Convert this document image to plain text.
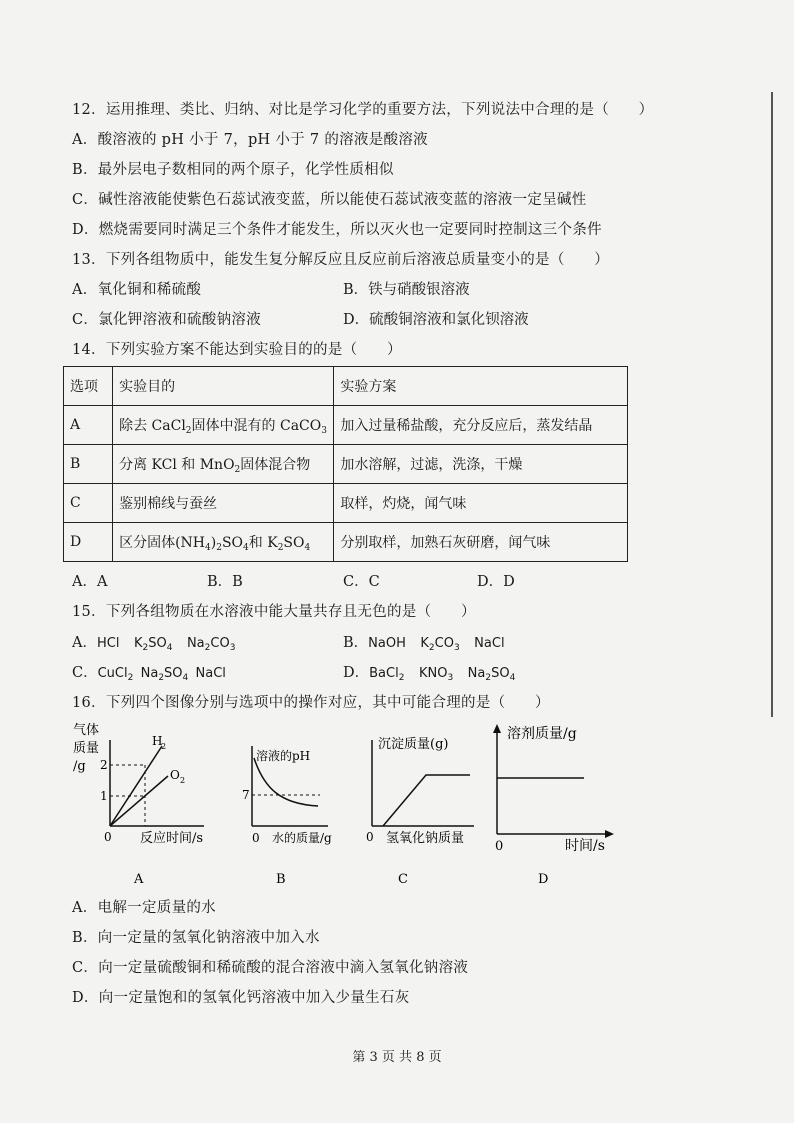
12．运用推理、类比、归纳、对比是学习化学的重要方法，下列说法中合理的是（　　）
A．酸溶液的 pH 小于 7，pH 小于 7 的溶液是酸溶液
B．最外层电子数相同的两个原子，化学性质相似
C．碱性溶液能使紫色石蕊试液变蓝，所以能使石蕊试液变蓝的溶液一定呈碱性
D．燃烧需要同时满足三个条件才能发生，所以灭火也一定要同时控制这三个条件
13．下列各组物质中，能发生复分解反应且反应前后溶液总质量变小的是（　　）
A．氧化铜和稀硫酸	B．铁与硝酸银溶液
C．氯化钾溶液和硫酸钠溶液	D．硫酸铜溶液和氯化钡溶液
14．下列实验方案不能达到实验目的的是（　　）
选项	实验目的	实验方案
A	除去 CaCl$_2$固体中混有的 CaCO$_3$	加入过量稀盐酸，充分反应后，蒸发结晶
B	分离 KCl 和 MnO$_2$固体混合物	加水溶解，过滤，洗涤，干燥
C	鉴别棉线与蚕丝	取样，灼烧，闻气味
D	区分固体$(NH_4)_2SO_4$和 $K_2SO_4$	分别取样，加熟石灰研磨，闻气味
A．A	B．B	C．C	D．D
15．下列各组物质在水溶液中能大量共存且无色的是（　　）
A．HCl  $K_2SO_4$  $Na_2CO_3$	B．NaOH  $K_2CO_3$  NaCl
C．CuCl$_2$  $Na_2SO_4$  NaCl	D．BaCl$_2$  $KNO_3$  $Na_2SO_4$
16．下列四个图像分别与选项中的操作对应，其中可能合理的是（　　）
气体
质量
/g 2
1
0 反应时间/s
H
2
O 2
A
溶液的pH
7
0 水的质量/g
B
沉淀质量(g)
0 氢氧化钠质量
C
溶剂质量/g
0	时间/s
D
A．电解一定质量的水
B．向一定量的氢氧化钠溶液中加入水
C．向一定量硫酸铜和稀硫酸的混合溶液中滴入氢氧化钠溶液
D．向一定量饱和的氢氧化钙溶液中加入少量生石灰
第 3 页 共 8 页
